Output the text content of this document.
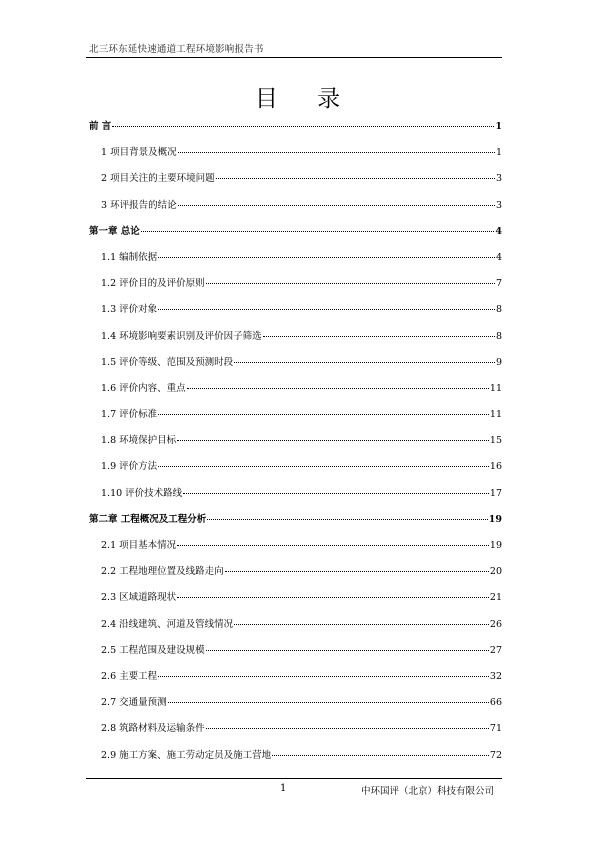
北三环东延快速通道工程环境影响报告书
目 录
前 言	1
1 项目背景及概况	1
2 项目关注的主要环境问题	3
3 环评报告的结论	3
第一章 总论	4
1.1 编制依据	4
1.2 评价目的及评价原则	7
1.3 评价对象	8
1.4 环境影响要素识别及评价因子筛选	8
1.5 评价等级、范围及预测时段	9
1.6 评价内容、重点	11
1.7 评价标准	11
1.8 环境保护目标	15
1.9 评价方法	16
1.10 评价技术路线	17
第二章 工程概况及工程分析	19
2.1 项目基本情况	19
2.2 工程地理位置及线路走向	20
2.3 区域道路现状	21
2.4 沿线建筑、河道及管线情况	26
2.5 工程范围及建设规模	27
2.6 主要工程	32
2.7 交通量预测	66
2.8 筑路材料及运输条件	71
2.9 施工方案、施工劳动定员及施工营地	72
1	中环国评（北京）科技有限公司
